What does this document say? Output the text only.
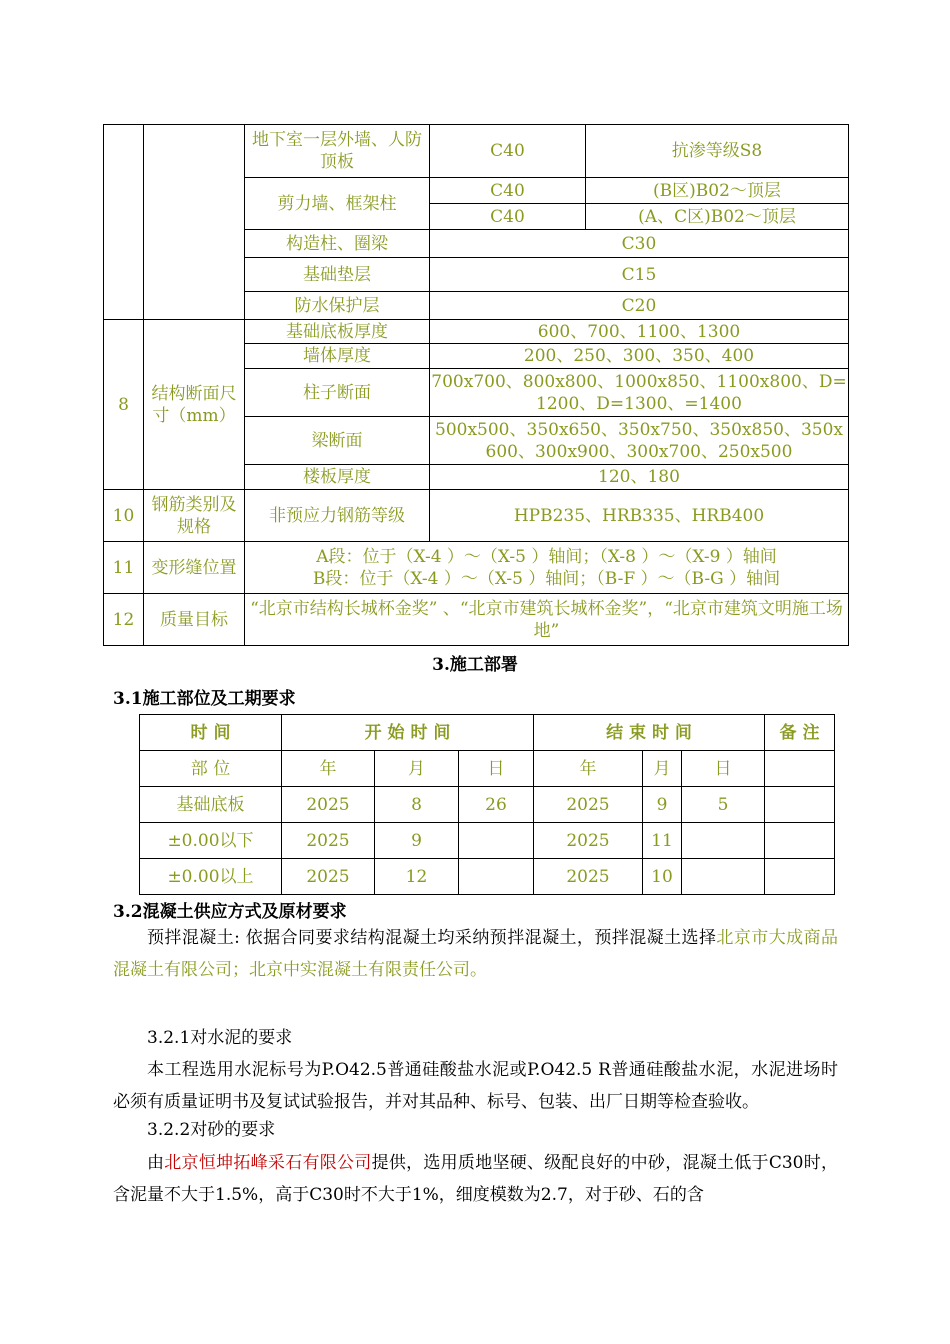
		地下室一层外墙、人防顶板	C40	抗渗等级S8
		剪力墙、框架柱	C40	(B区)B02～顶层
			C40	(A、C区)B02～顶层
		构造柱、圈梁	C30	
		基础垫层	C15	
		防水保护层	C20	
8	结构断面尺寸（mm）	基础底板厚度	600、700、1100、1300	
		墙体厚度	200、250、300、350、400	
		柱子断面	700x700、800x800、1000x850、1100x800、D=1200、D=1300、=1400	
		梁断面	500x500、350x650、350x750、350x850、350x600、300x900、300x700、250x500	
		楼板厚度	120、180	
10	钢筋类别及规格	非预应力钢筋等级	HPB235、HRB335、HRB400	
11	变形缝位置	A段：位于（X-4 ）～（X-5 ）轴间；（X-8 ）～（X-9 ）轴间
B段：位于（X-4 ）～（X-5 ）轴间；（B-F ）～（B-G ）轴间		

12	质量目标	“北京市结构长城杯金奖” 、“北京市建筑长城杯金奖”，“北京市建筑文明施工场地”		
3.施工部署
3.1施工部位及工期要求
时 间	开 始 时 间			结 束 时 间			备 注
部 位	年	月	日	年	月	日	
基础底板	2025	8	26	2025	9	5	
±0.00以下	2025	9		2025	11		
±0.00以上	2025	12		2025	10		
3.2混凝土供应方式及原材要求
预拌混凝土: 依据合同要求结构混凝土均采纳预拌混凝土，预拌混凝土选择北京市大成商品混凝土有限公司；北京中实混凝土有限责任公司。
3.2.1对水泥的要求
本工程选用水泥标号为P.O42.5普通硅酸盐水泥或P.O42.5 R普通硅酸盐水泥，水泥进场时必须有质量证明书及复试试验报告，并对其品种、标号、包装、出厂日期等检查验收。
3.2.2对砂的要求
由北京恒坤拓峰采石有限公司提供，选用质地坚硬、级配良好的中砂，混凝土低于C30时，含泥量不大于1.5%，高于C30时不大于1%，细度模数为2.7，对于砂、石的含
